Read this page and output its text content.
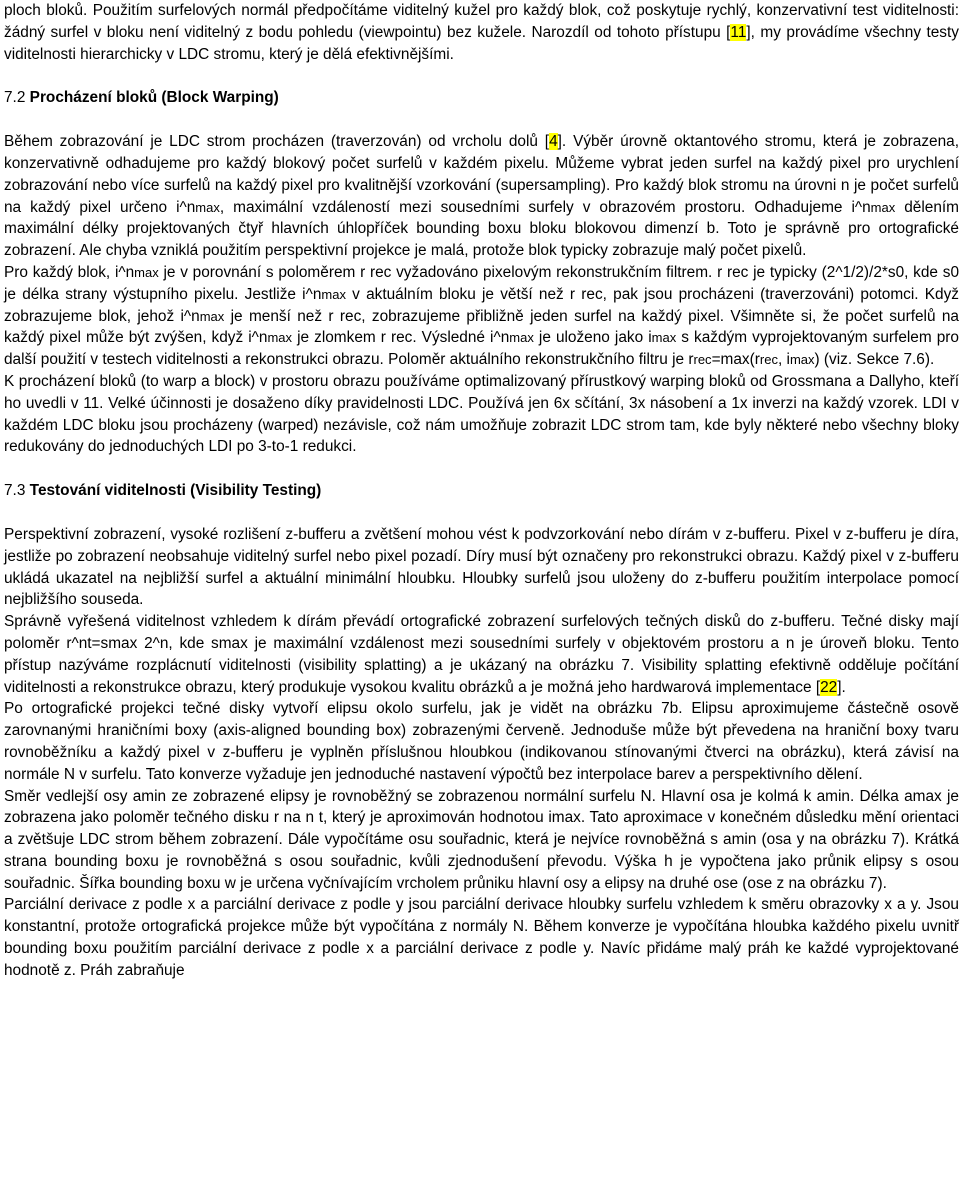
ploch bloků. Použitím surfelových normál předpočítáme viditelný kužel pro každý blok, což poskytuje rychlý, konzervativní test viditelnosti: žádný surfel v bloku není viditelný z bodu pohledu (viewpointu) bez kužele. Narozdíl od tohoto přístupu [11], my provádíme všechny testy viditelnosti hierarchicky v LDC stromu, který je dělá efektivnějšími.

7.2 Procházení bloků (Block Warping)

Během zobrazování je LDC strom procházen (traverzován) od vrcholu dolů [4]. Výběr úrovně oktantového stromu, která je zobrazena, konzervativně odhadujeme pro každý blokový počet surfelů v každém pixelu. Můžeme vybrat jeden surfel na každý pixel pro urychlení zobrazování nebo více surfelů na každý pixel pro kvalitnější vzorkování (supersampling). Pro každý blok stromu na úrovni n je počet surfelů na každý pixel určeno i^nmax, maximální vzdáleností mezi sousedními surfely v obrazovém prostoru. Odhadujeme i^nmax dělením maximální délky projektovaných čtyř hlavních úhlopříček bounding boxu bloku blokovou dimenzí b. Toto je správně pro ortografické zobrazení. Ale chyba vzniklá použitím perspektivní projekce je malá, protože blok typicky zobrazuje malý počet pixelů.

Pro každý blok, i^nmax je v porovnání s poloměrem r rec vyžadováno pixelovým rekonstrukčním filtrem. r rec je typicky (2^1/2)/2*s0, kde s0 je délka strany výstupního pixelu. Jestliže i^nmax v aktuálním bloku je větší než r rec, pak jsou procházeni (traverzováni) potomci. Když zobrazujeme blok, jehož i^nmax je menší než r rec, zobrazujeme přibližně jeden surfel na každý pixel. Všimněte si, že počet surfelů na každý pixel může být zvýšen, když i^nmax je zlomkem r rec. Výsledné i^nmax je uloženo jako imax s každým vyprojektovaným surfelem pro další použití v testech viditelnosti a rekonstrukci obrazu. Poloměr aktuálního rekonstrukčního filtru je rrec=max(rrec, imax) (viz. Sekce 7.6).

K procházení bloků (to warp a block) v prostoru obrazu používáme optimalizovaný přírustkový warping bloků od Grossmana a Dallyho, kteří ho uvedli v 11. Velké účinnosti je dosaženo díky pravidelnosti LDC. Používá jen 6x sčítání, 3x násobení a 1x inverzi na každý vzorek. LDI v každém LDC bloku jsou procházeny (warped) nezávisle, což nám umožňuje zobrazit LDC strom tam, kde byly některé nebo všechny bloky redukovány do jednoduchých LDI po 3-to-1 redukci.

7.3 Testování viditelnosti (Visibility Testing)

Perspektivní zobrazení, vysoké rozlišení z-bufferu a zvětšení mohou vést k podvzorkování nebo dírám v z-bufferu. Pixel v z-bufferu je díra, jestliže po zobrazení neobsahuje viditelný surfel nebo pixel pozadí. Díry musí být označeny pro rekonstrukci obrazu. Každý pixel v z-bufferu ukládá ukazatel na nejbližší surfel a aktuální minimální hloubku. Hloubky surfelů jsou uloženy do z-bufferu použitím interpolace pomocí nejbližšího souseda.

Správně vyřešená viditelnost vzhledem k dírám převádí ortografické zobrazení surfelových tečných disků do z-bufferu. Tečné disky mají poloměr r^nt=smax 2^n, kde smax je maximální vzdálenost mezi sousedními surfely v objektovém prostoru a n je úroveň bloku. Tento přístup nazýváme rozplácnutí viditelnosti (visibility splatting) a je ukázaný na obrázku 7. Visibility splatting efektivně odděluje počítání viditelnosti a rekonstrukce obrazu, který produkuje vysokou kvalitu obrázků a je možná jeho hardwarová implementace [22].

Po ortografické projekci tečné disky vytvoří elipsu okolo surfelu, jak je vidět na obrázku 7b. Elipsu aproximujeme částečně osově zarovnanými hraničními boxy (axis-aligned bounding box) zobrazenými červeně. Jednoduše může být převedena na hraniční boxy tvaru rovnoběžníku a každý pixel v z-bufferu je vyplněn příslušnou hloubkou (indikovanou stínovanými čtverci na obrázku), která závisí na normále N v surfelu. Tato konverze vyžaduje jen jednoduché nastavení výpočtů bez interpolace barev a perspektivního dělení.

Směr vedlejší osy amin ze zobrazené elipsy je rovnoběžný se zobrazenou normální surfelu N. Hlavní osa je kolmá k amin. Délka amax je zobrazena jako poloměr tečného disku r na n t, který je aproximován hodnotou imax. Tato aproximace v konečném důsledku mění orientaci a zvětšuje LDC strom během zobrazení. Dále vypočítáme osu souřadnic, která je nejvíce rovnoběžná s amin (osa y na obrázku 7). Krátká strana bounding boxu je rovnoběžná s osou souřadnic, kvůli zjednodušení převodu. Výška h je vypočtena jako průnik elipsy s osou souřadnic. Šířka bounding boxu w je určena vyčnívajícím vrcholem průniku hlavní osy a elipsy na druhé ose (ose z na obrázku 7).

Parciální derivace z podle x a parciální derivace z podle y jsou parciální derivace hloubky surfelu vzhledem k směru obrazovky x a y. Jsou konstantní, protože ortografická projekce může být vypočítána z normály N. Během konverze je vypočítána hloubka každého pixelu uvnitř bounding boxu použitím parciální derivace z podle x a parciální derivace z podle y. Navíc přidáme malý práh ke každé vyprojektované hodnotě z. Práh zabraňuje
